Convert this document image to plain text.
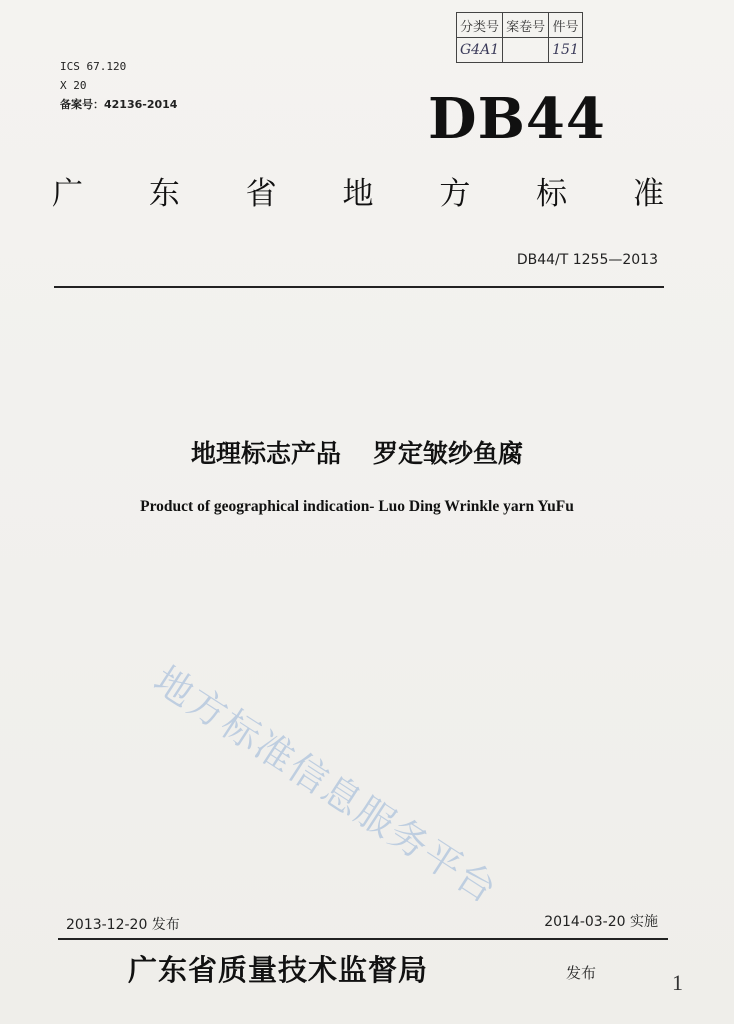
分类号	案卷号	件号
G4A1		151
ICS 67.120
X 20
备案号：42136-2014	DB44
广 东 省 地 方 标 准
DB44/T 1255—2013
地理标志产品 罗定皱纱鱼腐
Product of geographical indication- Luo Ding Wrinkle yarn YuFu
地方标准信息服务平台
2013-12-20 发布	2014-03-20 实施
广东省质量技术监督局	发布	1
